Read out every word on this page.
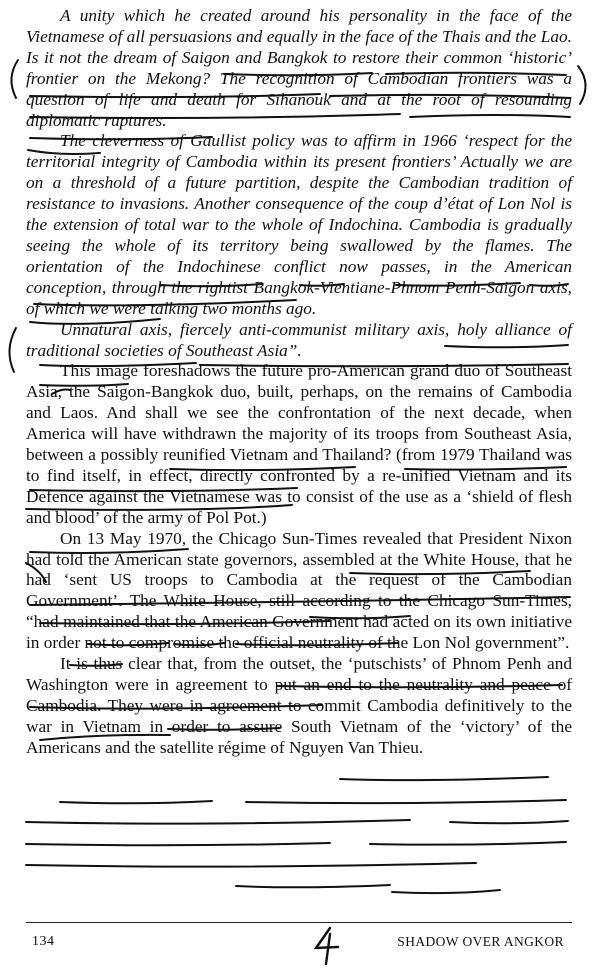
A unity which he created around his personality in the face of the Vietnamese of all persuasions and equally in the face of the Thais and the Lao. Is it not the dream of Saigon and Bangkok to restore their common ‘historic’ frontier on the Mekong? The recognition of Cambodian frontiers was a question of life and death for Sihanouk and at the root of resounding diplomatic ruptures.

The cleverness of Gaullist policy was to affirm in 1966 ‘respect for the territorial integrity of Cambodia within its present frontiers’ Actually we are on a threshold of a future partition, despite the Cambodian tradition of resistance to invasions. Another consequence of the coup d’état of Lon Nol is the extension of total war to the whole of Indochina. Cambodia is gradually seeing the whole of its territory being swallowed by the flames. The orientation of the Indochinese conflict now passes, in the American conception, through the rightist Bangkok-Vientiane-Phnom Penh-Saigon axis, of which we were talking two months ago.

Unnatural axis, fiercely anti-communist military axis, holy alliance of traditional societies of Southeast Asia”.

This image foreshadows the future pro-American grand duo of Southeast Asia, the Saigon-Bangkok duo, built, perhaps, on the remains of Cambodia and Laos. And shall we see the confrontation of the next decade, when America will have withdrawn the majority of its troops from Southeast Asia, between a possibly reunified Vietnam and Thailand? (from 1979 Thailand was to find itself, in effect, directly confronted by a re-unified Vietnam and its Defence against the Vietnamese was to consist of the use as a ‘shield of flesh and blood’ of the army of Pol Pot.)

On 13 May 1970, the Chicago Sun-Times revealed that President Nixon had told the American state governors, assembled at the White House, that he had ‘sent US troops to Cambodia at the request of the Cambodian Government’. The White House, still according to the Chicago Sun-Times, “had maintained that the American Government had acted on its own initiative in order not to compromise the official neutrality of the Lon Nol government”.

It is thus clear that, from the outset, the ‘putschists’ of Phnom Penh and Washington were in agreement to put an end to the neutrality and peace of Cambodia. They were in agreement to commit Cambodia definitively to the war in Vietnam in order to assure South Vietnam of the ‘victory’ of the Americans and the satellite régime of Nguyen Van Thieu.

134	SHADOW OVER ANGKOR
